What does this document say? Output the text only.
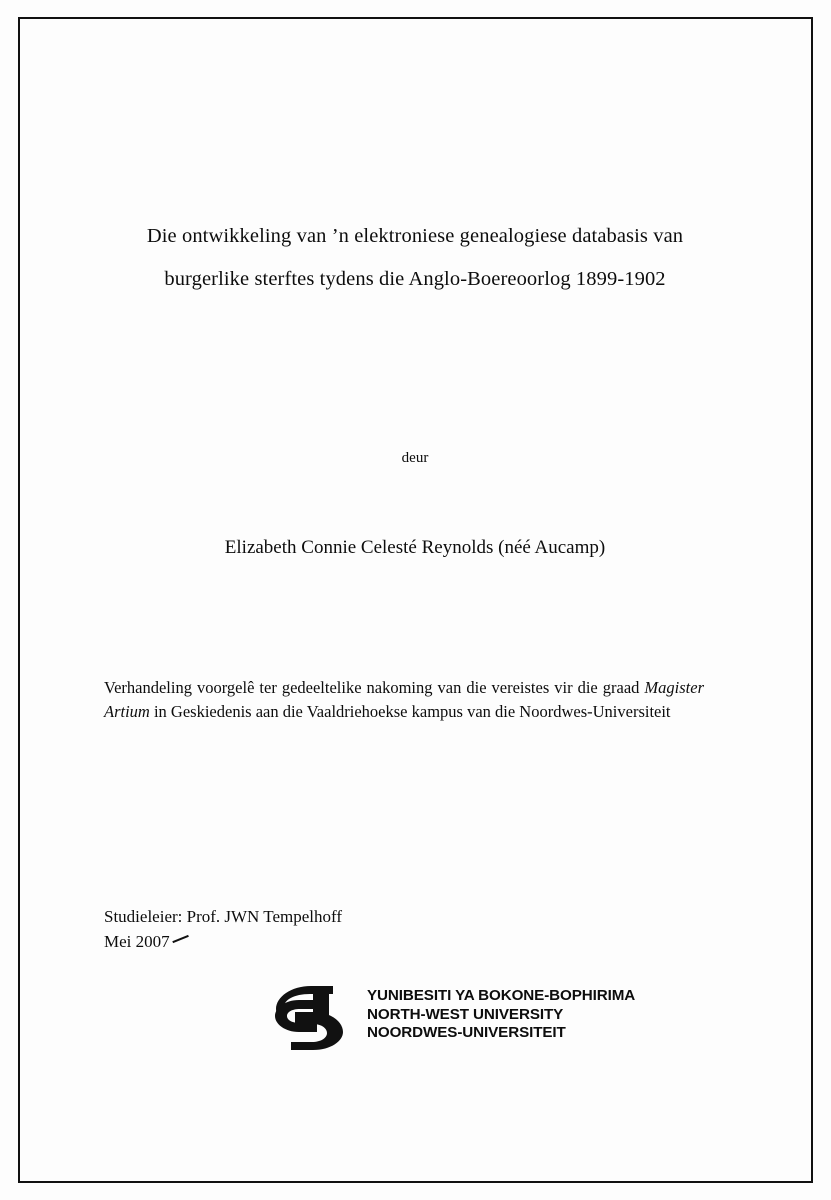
Die ontwikkeling van ’n elektroniese genealogiese databasis van
burgerlike sterftes tydens die Anglo-Boereoorlog 1899-1902
deur
Elizabeth Connie Celesté Reynolds (néé Aucamp)
Verhandeling voorgelê ter gedeeltelike nakoming van die vereistes vir die graad Magister Artium in Geskiedenis aan die Vaaldriehoekse kampus van die Noordwes-Universiteit
Studieleier: Prof. JWN Tempelhoff
Mei 2007
YUNIBESITI YA BOKONE-BOPHIRIMA
NORTH-WEST UNIVERSITY
NOORDWES-UNIVERSITEIT
